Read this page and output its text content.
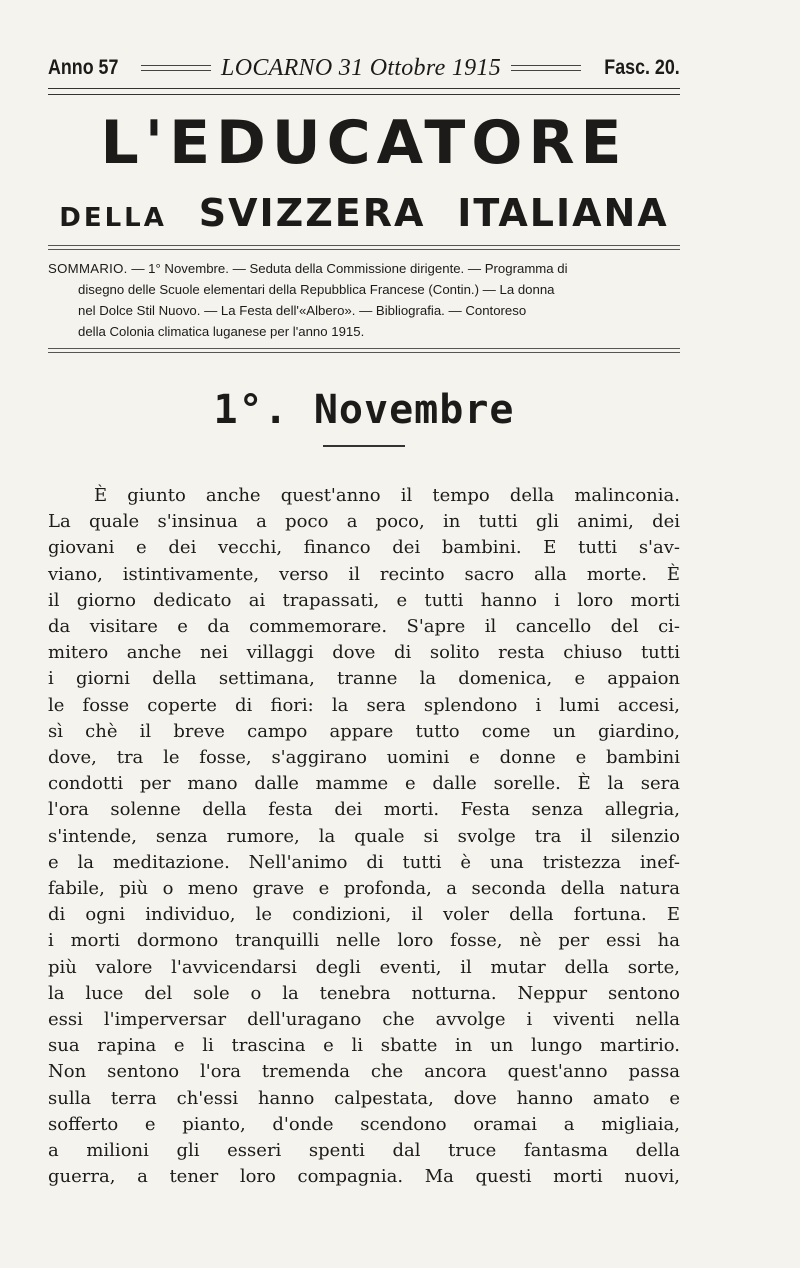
Anno 57	LOCARNO 31 Ottobre 1915	Fasc. 20.
L'EDUCATORE
DELLA SVIZZERA ITALIANA
SOMMARIO. — 1° Novembre. — Seduta della Commissione dirigente. — Programma di
disegno delle Scuole elementari della Repubblica Francese (Contin.) — La donna
nel Dolce Stil Nuovo. — La Festa dell'«Albero». — Bibliografia. — Contoreso
della Colonia climatica luganese per l'anno 1915.
1°. Novembre
È giunto anche quest'anno il tempo della malinconia.
La quale s'insinua a poco a poco, in tutti gli animi, dei
giovani e dei vecchi, financo dei bambini. E tutti s'av-
viano, istintivamente, verso il recinto sacro alla morte. È
il giorno dedicato ai trapassati, e tutti hanno i loro morti
da visitare e da commemorare. S'apre il cancello del ci-
mitero anche nei villaggi dove di solito resta chiuso tutti
i giorni della settimana, tranne la domenica, e appaion
le fosse coperte di fiori: la sera splendono i lumi accesi,
sì chè il breve campo appare tutto come un giardino,
dove, tra le fosse, s'aggirano uomini e donne e bambini
condotti per mano dalle mamme e dalle sorelle. È la sera
l'ora solenne della festa dei morti. Festa senza allegria,
s'intende, senza rumore, la quale si svolge tra il silenzio
e la meditazione. Nell'animo di tutti è una tristezza inef-
fabile, più o meno grave e profonda, a seconda della natura
di ogni individuo, le condizioni, il voler della fortuna. E
i morti dormono tranquilli nelle loro fosse, nè per essi ha
più valore l'avvicendarsi degli eventi, il mutar della sorte,
la luce del sole o la tenebra notturna. Neppur sentono
essi l'imperversar dell'uragano che avvolge i viventi nella
sua rapina e li trascina e li sbatte in un lungo martirio.
Non sentono l'ora tremenda che ancora quest'anno passa
sulla terra ch'essi hanno calpestata, dove hanno amato e
sofferto e pianto, d'onde scendono oramai a migliaia,
a milioni gli esseri spenti dal truce fantasma della
guerra, a tener loro compagnia. Ma questi morti nuovi,
